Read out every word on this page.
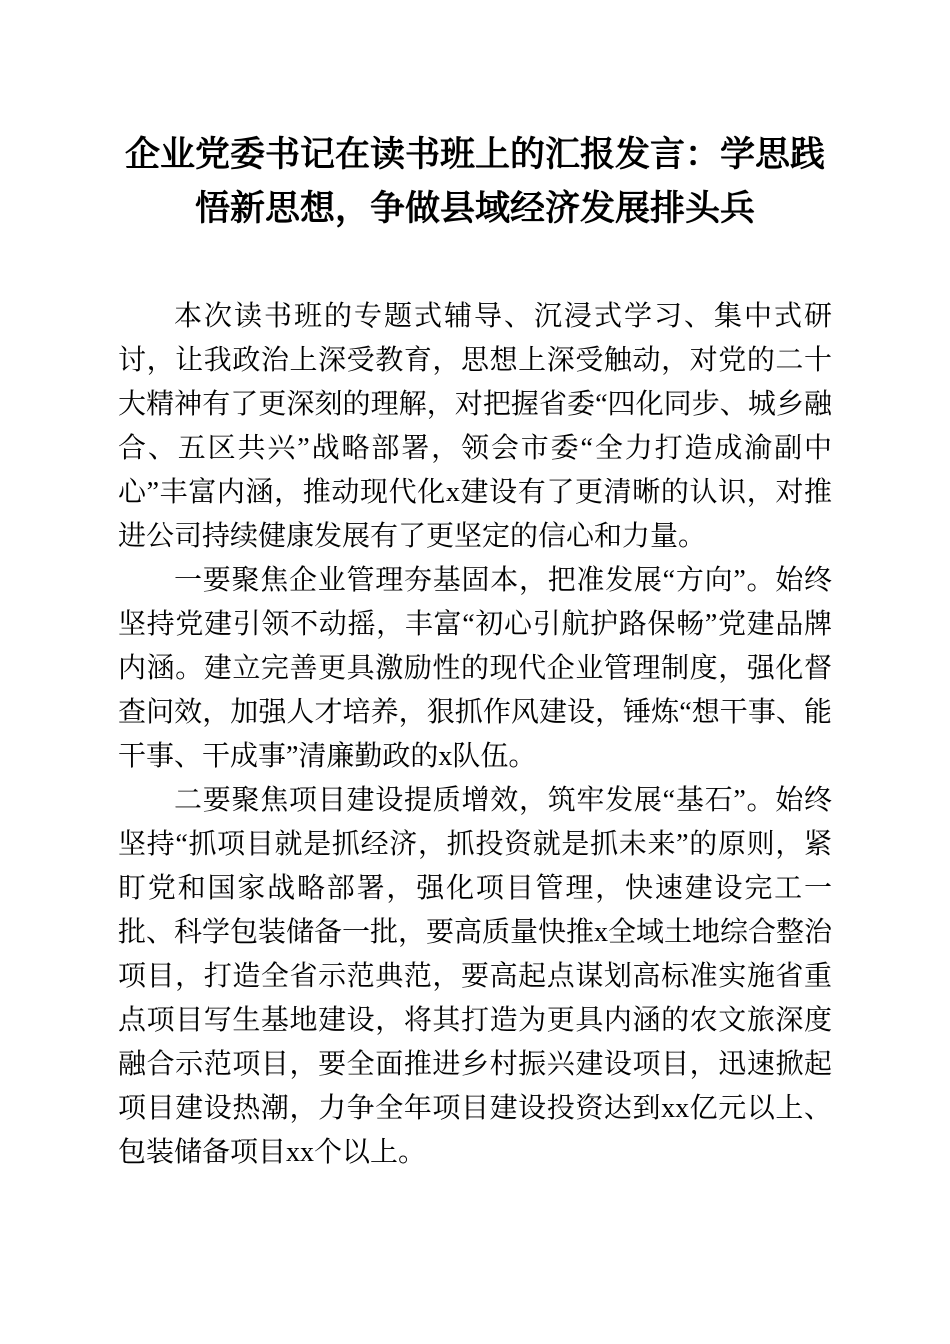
企业党委书记在读书班上的汇报发言：学思践悟新思想，争做县域经济发展排头兵

本次读书班的专题式辅导、沉浸式学习、集中式研讨，让我政治上深受教育，思想上深受触动，对党的二十大精神有了更深刻的理解，对把握省委“四化同步、城乡融合、五区共兴”战略部署，领会市委“全力打造成渝副中心”丰富内涵，推动现代化x建设有了更清晰的认识，对推进公司持续健康发展有了更坚定的信心和力量。

一要聚焦企业管理夯基固本，把准发展“方向”。始终坚持党建引领不动摇，丰富“初心引航护路保畅”党建品牌内涵。建立完善更具激励性的现代企业管理制度，强化督查问效，加强人才培养，狠抓作风建设，锤炼“想干事、能干事、干成事”清廉勤政的x队伍。

二要聚焦项目建设提质增效，筑牢发展“基石”。始终坚持“抓项目就是抓经济，抓投资就是抓未来”的原则，紧盯党和国家战略部署，强化项目管理，快速建设完工一批、科学包装储备一批，要高质量快推x全域土地综合整治项目，打造全省示范典范，要高起点谋划高标准实施省重点项目写生基地建设，将其打造为更具内涵的农文旅深度融合示范项目，要全面推进乡村振兴建设项目，迅速掀起项目建设热潮，力争全年项目建设投资达到xx亿元以上、包装储备项目xx个以上。
